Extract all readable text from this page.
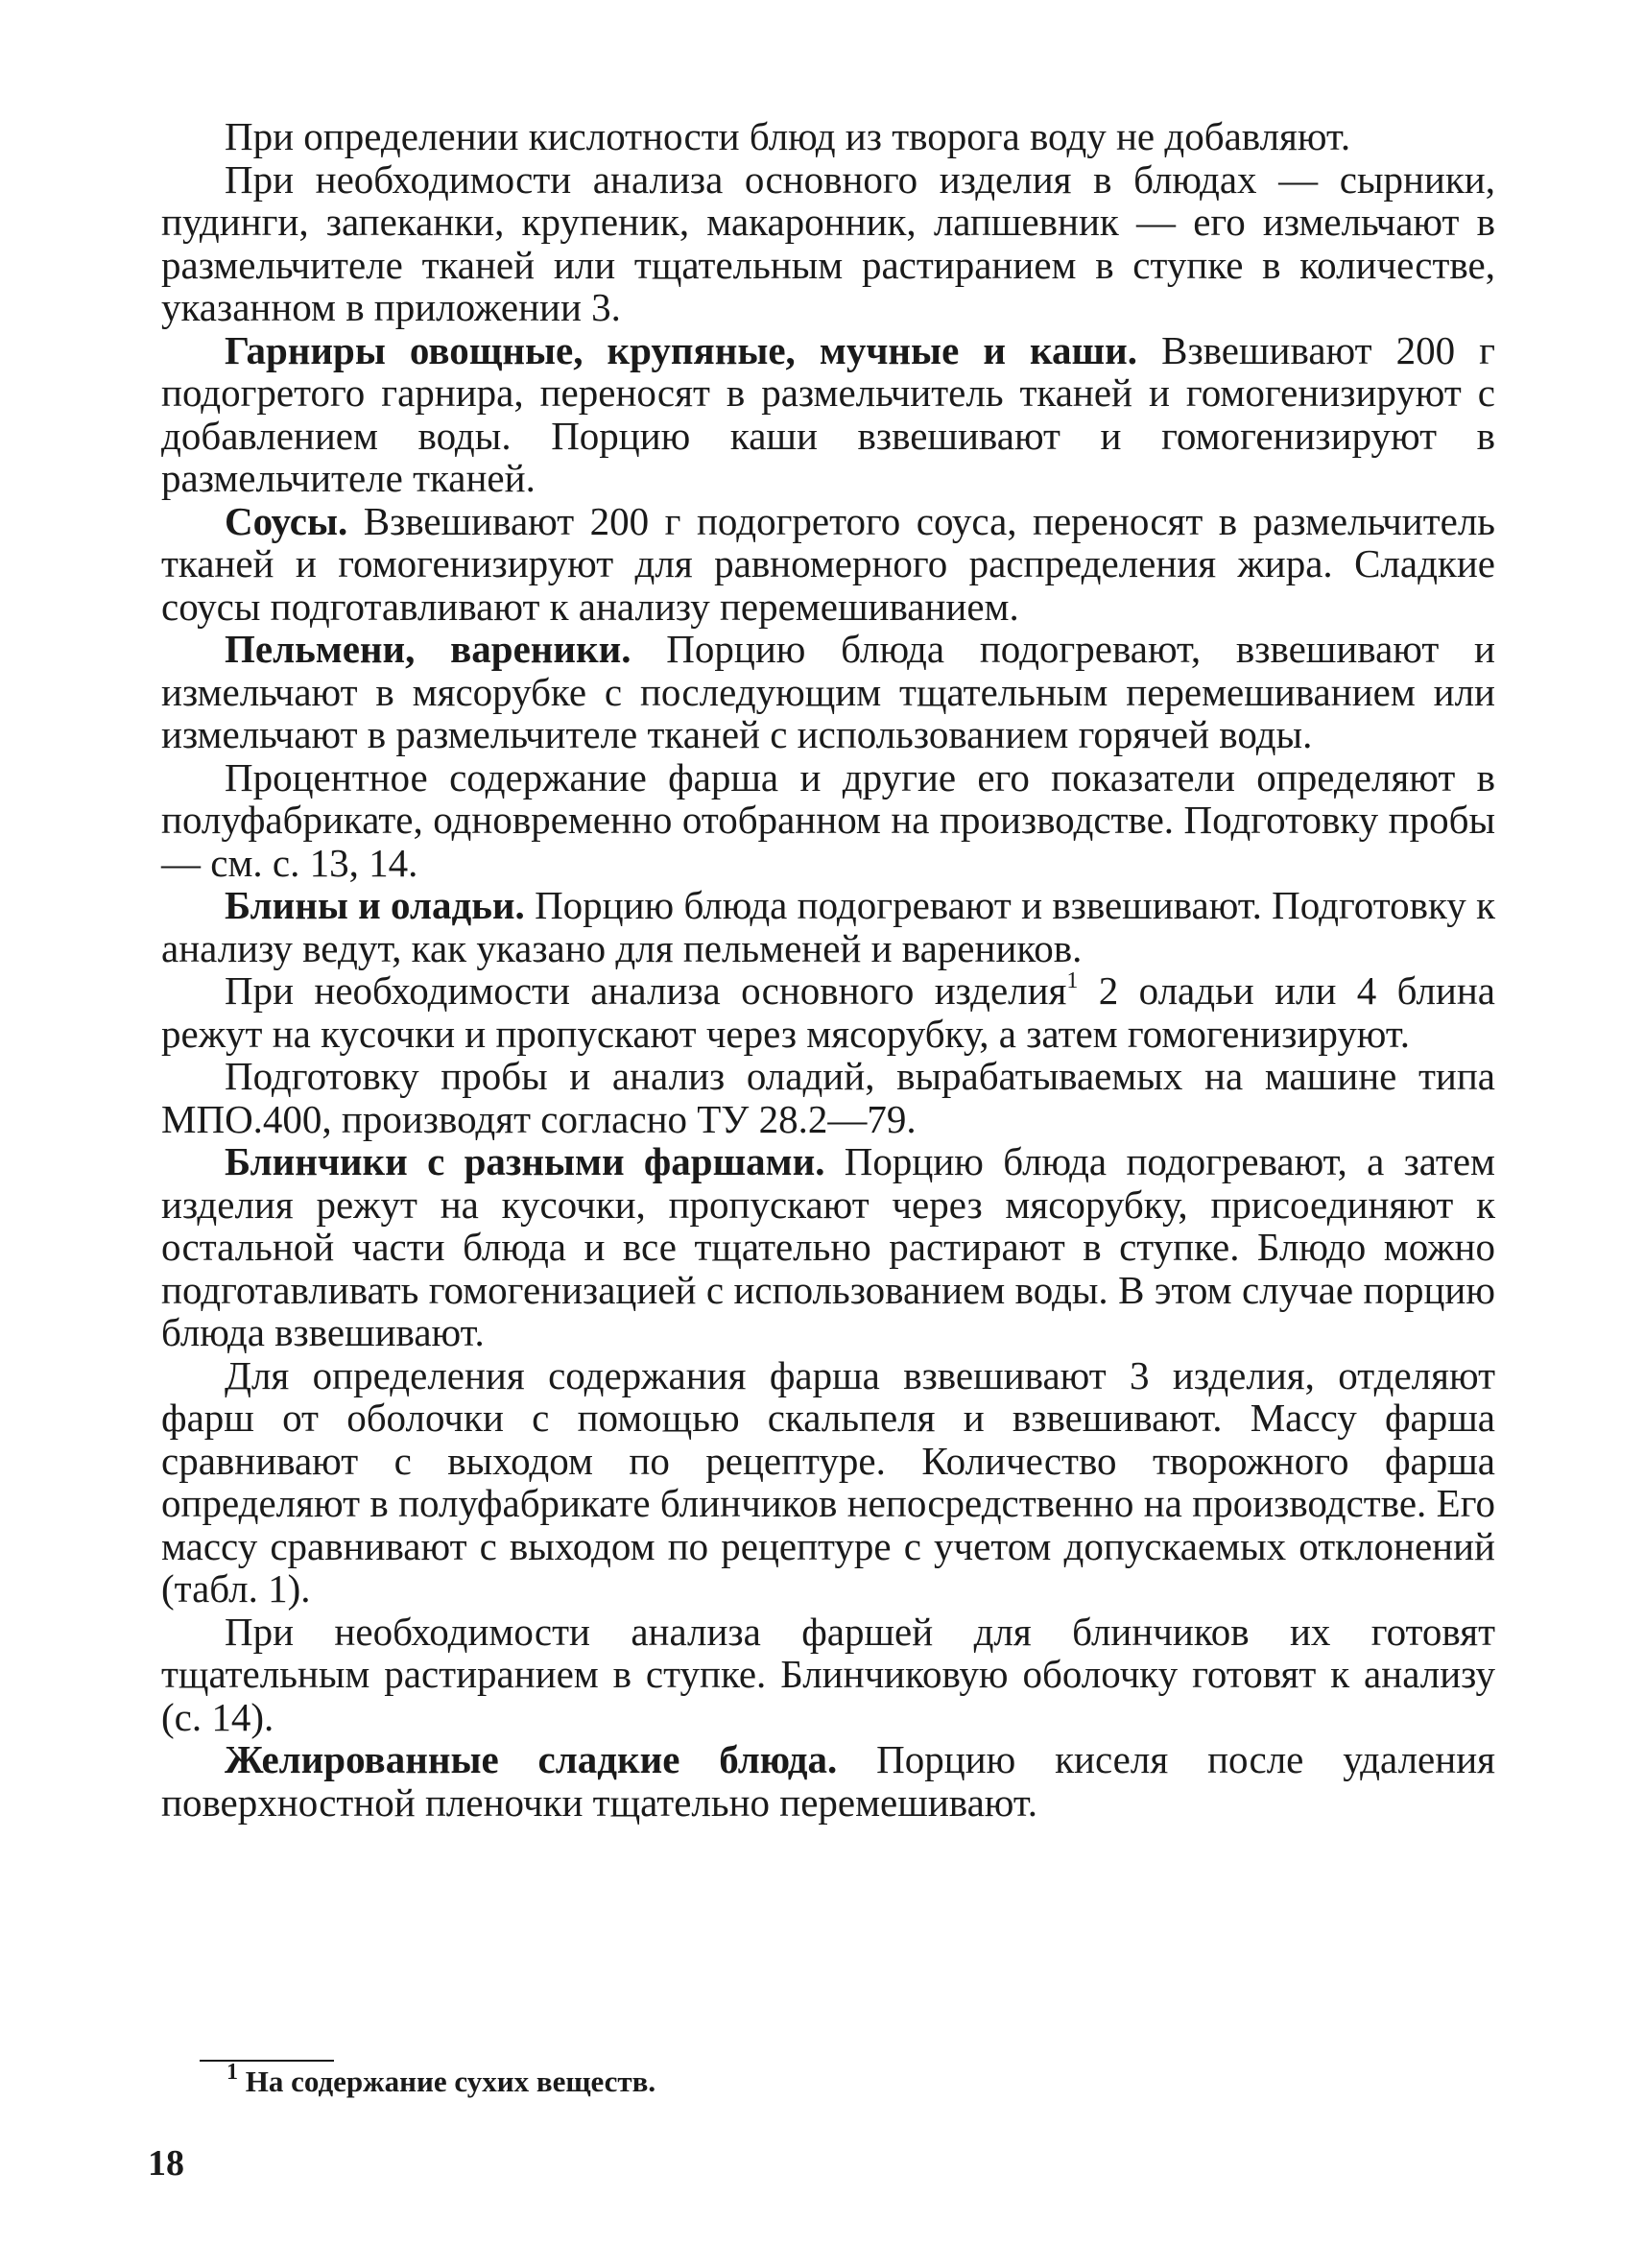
При определении кислотности блюд из творога воду не добавляют.

При необходимости анализа основного изделия в блюдах — сырники, пудинги, запеканки, крупеник, макаронник, лапшевник — его измельчают в размельчителе тканей или тщательным растиранием в ступке в количестве, указанном в приложении 3.

Гарниры овощные, крупяные, мучные и каши. Взвешивают 200 г подогретого гарнира, переносят в размельчитель тканей и гомогенизируют с добавлением воды. Порцию каши взвешивают и гомогенизируют в размельчителе тканей.

Соусы. Взвешивают 200 г подогретого соуса, переносят в размельчитель тканей и гомогенизируют для равномерного распределения жира. Сладкие соусы подготавливают к анализу перемешиванием.

Пельмени, вареники. Порцию блюда подогревают, взвешивают и измельчают в мясорубке с последующим тщательным перемешиванием или измельчают в размельчителе тканей с использованием горячей воды.

Процентное содержание фарша и другие его показатели определяют в полуфабрикате, одновременно отобранном на производстве. Подготовку пробы — см. с. 13, 14.

Блины и оладьи. Порцию блюда подогревают и взвешивают. Подготовку к анализу ведут, как указано для пельменей и вареников.

При необходимости анализа основного изделия$^1$ 2 оладьи или 4 блина режут на кусочки и пропускают через мясорубку, а затем гомогенизируют.

Подготовку пробы и анализ оладий, вырабатываемых на машине типа МПО.400, производят согласно ТУ 28.2—79.

Блинчики с разными фаршами. Порцию блюда подогревают, а затем изделия режут на кусочки, пропускают через мясорубку, присоединяют к остальной части блюда и все тщательно растирают в ступке. Блюдо можно подготавливать гомогенизацией с использованием воды. В этом случае порцию блюда взвешивают.

Для определения содержания фарша взвешивают 3 изделия, отделяют фарш от оболочки с помощью скальпеля и взвешивают. Массу фарша сравнивают с выходом по рецептуре. Количество творожного фарша определяют в полуфабрикате блинчиков непосредственно на производстве. Его массу сравнивают с выходом по рецептуре с учетом допускаемых отклонений (табл. 1).

При необходимости анализа фаршей для блинчиков их готовят тщательным растиранием в ступке. Блинчиковую оболочку готовят к анализу (с. 14).

Желированные сладкие блюда. Порцию киселя после удаления поверхностной пленочки тщательно перемешивают.

$^1$ На содержание сухих веществ.

18
